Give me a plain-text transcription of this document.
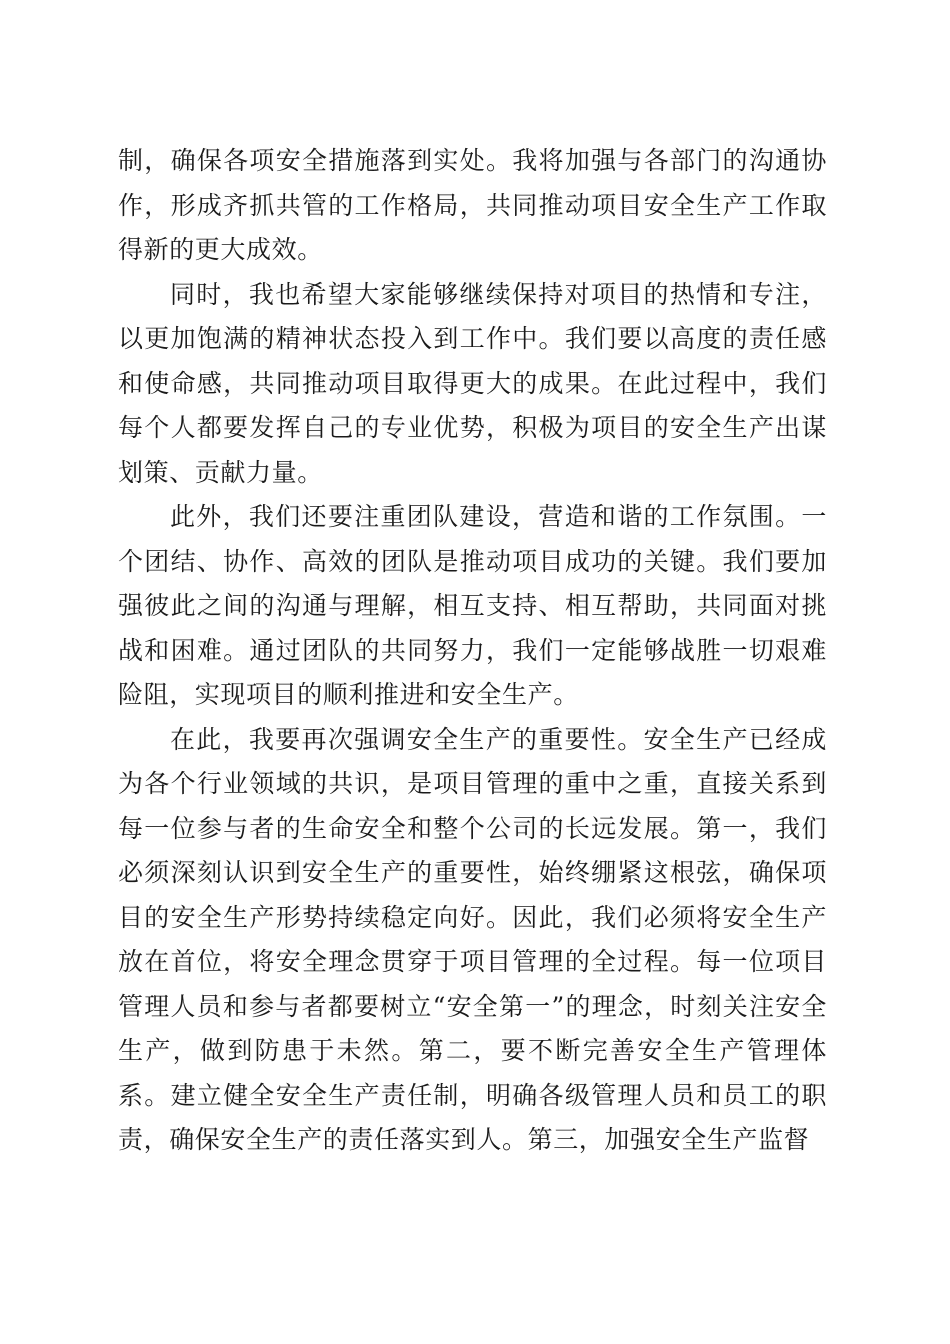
制，确保各项安全措施落到实处。我将加强与各部门的沟通协作，形成齐抓共管的工作格局，共同推动项目安全生产工作取得新的更大成效。

同时，我也希望大家能够继续保持对项目的热情和专注，以更加饱满的精神状态投入到工作中。我们要以高度的责任感和使命感，共同推动项目取得更大的成果。在此过程中，我们每个人都要发挥自己的专业优势，积极为项目的安全生产出谋划策、贡献力量。

此外，我们还要注重团队建设，营造和谐的工作氛围。一个团结、协作、高效的团队是推动项目成功的关键。我们要加强彼此之间的沟通与理解，相互支持、相互帮助，共同面对挑战和困难。通过团队的共同努力，我们一定能够战胜一切艰难险阻，实现项目的顺利推进和安全生产。

在此，我要再次强调安全生产的重要性。安全生产已经成为各个行业领域的共识，是项目管理的重中之重，直接关系到每一位参与者的生命安全和整个公司的长远发展。第一，我们必须深刻认识到安全生产的重要性，始终绷紧这根弦，确保项目的安全生产形势持续稳定向好。因此，我们必须将安全生产放在首位，将安全理念贯穿于项目管理的全过程。每一位项目管理人员和参与者都要树立“安全第一”的理念，时刻关注安全生产，做到防患于未然。第二，要不断完善安全生产管理体系。建立健全安全生产责任制，明确各级管理人员和员工的职责，确保安全生产的责任落实到人。第三，加强安全生产监督
